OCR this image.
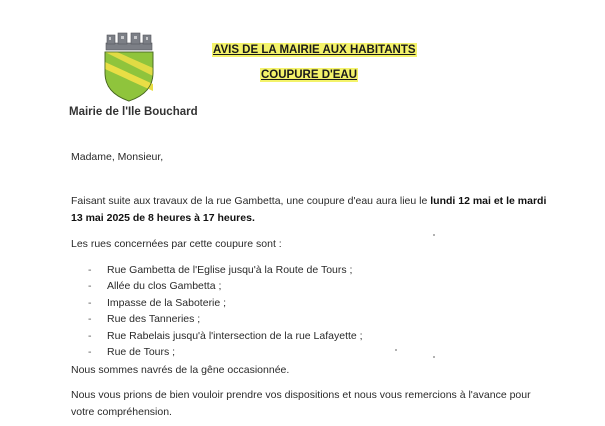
Mairie de l'Ile Bouchard
AVIS DE LA MAIRIE AUX HABITANTS
COUPURE D'EAU
Madame, Monsieur,
Faisant suite aux travaux de la rue Gambetta, une coupure d'eau aura lieu le lundi 12 mai et le mardi
13 mai 2025 de 8 heures à 17 heures.
Les rues concernées par cette coupure sont :
- Rue Gambetta de l'Eglise jusqu'à la Route de Tours ;
- Allée du clos Gambetta ;
- Impasse de la Saboterie ;
- Rue des Tanneries ;
- Rue Rabelais jusqu'à l'intersection de la rue Lafayette ;
- Rue de Tours ;
Nous sommes navrés de la gêne occasionnée.
Nous vous prions de bien vouloir prendre vos dispositions et nous vous remercions à l'avance pour
votre compréhension.
